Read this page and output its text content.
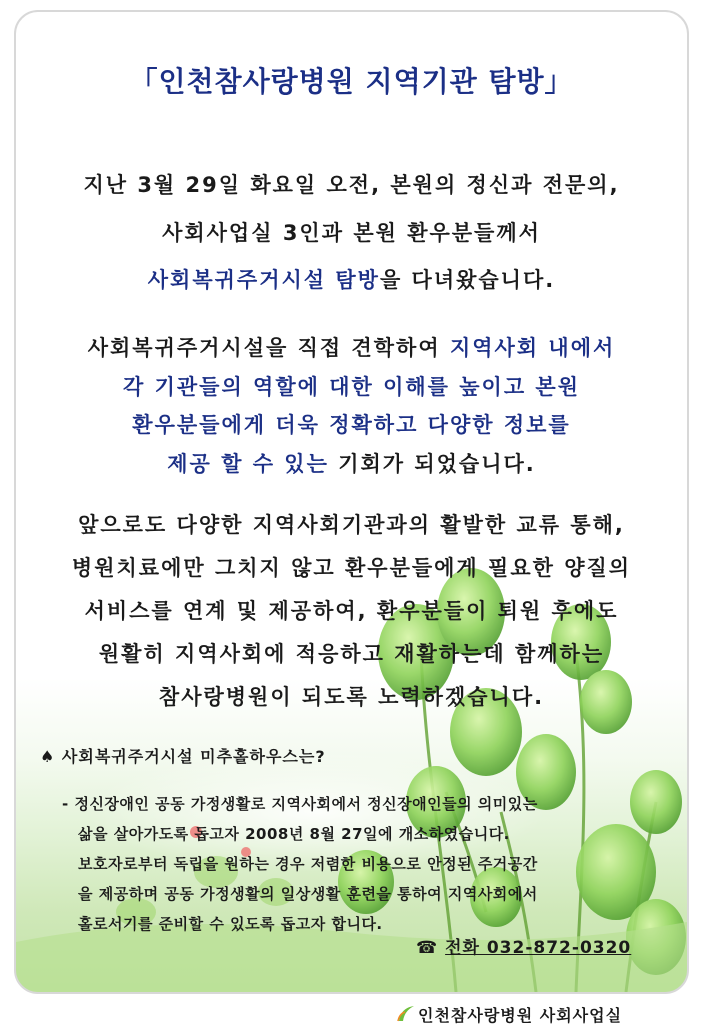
「인천참사랑병원 지역기관 탐방」
지난 3월 29일 화요일 오전, 본원의 정신과 전문의,
사회사업실 3인과 본원 환우분들께서
사회복귀주거시설 탐방을 다녀왔습니다.
사회복귀주거시설을 직접 견학하여 지역사회 내에서
각 기관들의 역할에 대한 이해를 높이고 본원
환우분들에게 더욱 정확하고 다양한 정보를
제공 할 수 있는 기회가 되었습니다.
앞으로도 다양한 지역사회기관과의 활발한 교류 통해,
병원치료에만 그치지 않고 환우분들에게 필요한 양질의
서비스를 연계 및 제공하여, 환우분들이 퇴원 후에도
원활히 지역사회에 적응하고 재활하는데 함께하는
참사랑병원이 되도록 노력하겠습니다.
♠ 사회복귀주거시설 미추홀하우스는?
- 정신장애인 공동 가정생활로 지역사회에서 정신장애인들의 의미있는
삶을 살아가도록 돕고자 2008년 8월 27일에 개소하였습니다.
보호자로부터 독립을 원하는 경우 저렴한 비용으로 안정된 주거공간
을 제공하며 공동 가정생활의 일상생활 훈련을 통하여 지역사회에서
홀로서기를 준비할 수 있도록 돕고자 합니다.
☎ 전화 032-872-0320
인천참사랑병원 사회사업실
